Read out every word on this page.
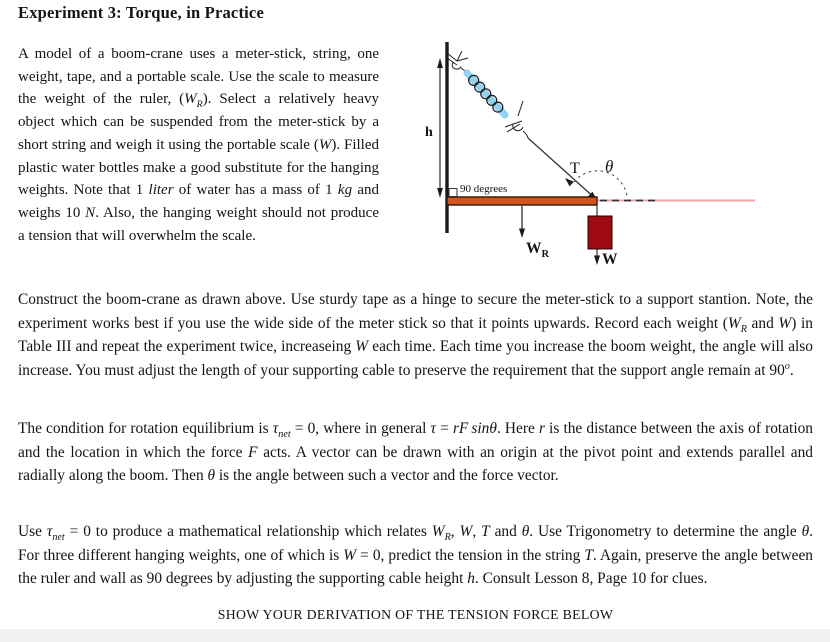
Experiment 3: Torque, in Practice

A model of a boom-crane uses a meter-stick, string, one weight, tape, and a portable scale. Use the scale to measure the weight of the ruler, $(W_R)$. Select a relatively heavy object which can be suspended from the meter-stick by a short string and weigh it using the portable scale (W). Filled plastic water bottles make a good substitute for the hanging weights. Note that 1 liter of water has a mass of 1 kg and weighs 10 N. Also, the hanging weight should not produce a tension that will overwhelm the scale.

h
T θ
90 degrees
$W_R$	W

Construct the boom-crane as drawn above. Use sturdy tape as a hinge to secure the meter-stick to a support stantion. Note, the experiment works best if you use the wide side of the meter stick so that it points upwards. Record each weight ($W_R$ and W) in Table III and repeat the experiment twice, increaseing W each time. Each time you increase the boom weight, the angle will also increase. You must adjust the length of your supporting cable to preserve the requirement that the support angle remain at 90$^o$.

The condition for rotation equilibrium is $\tau_{net} = 0$, where in general τ = rF sinθ. Here r is the distance between the axis of rotation and the location in which the force F acts. A vector can be drawn with an origin at the pivot point and extends parallel and radially along the boom. Then θ is the angle between such a vector and the force vector.

Use $\tau_{net} = 0$ to produce a mathematical relationship which relates $W_R$, W, T and θ. Use Trigonometry to determine the angle θ. For three different hanging weights, one of which is W = 0, predict the tension in the string T. Again, preserve the angle between the ruler and wall as 90 degrees by adjusting the supporting cable height h. Consult Lesson 8, Page 10 for clues.

SHOW YOUR DERIVATION OF THE TENSION FORCE BELOW
